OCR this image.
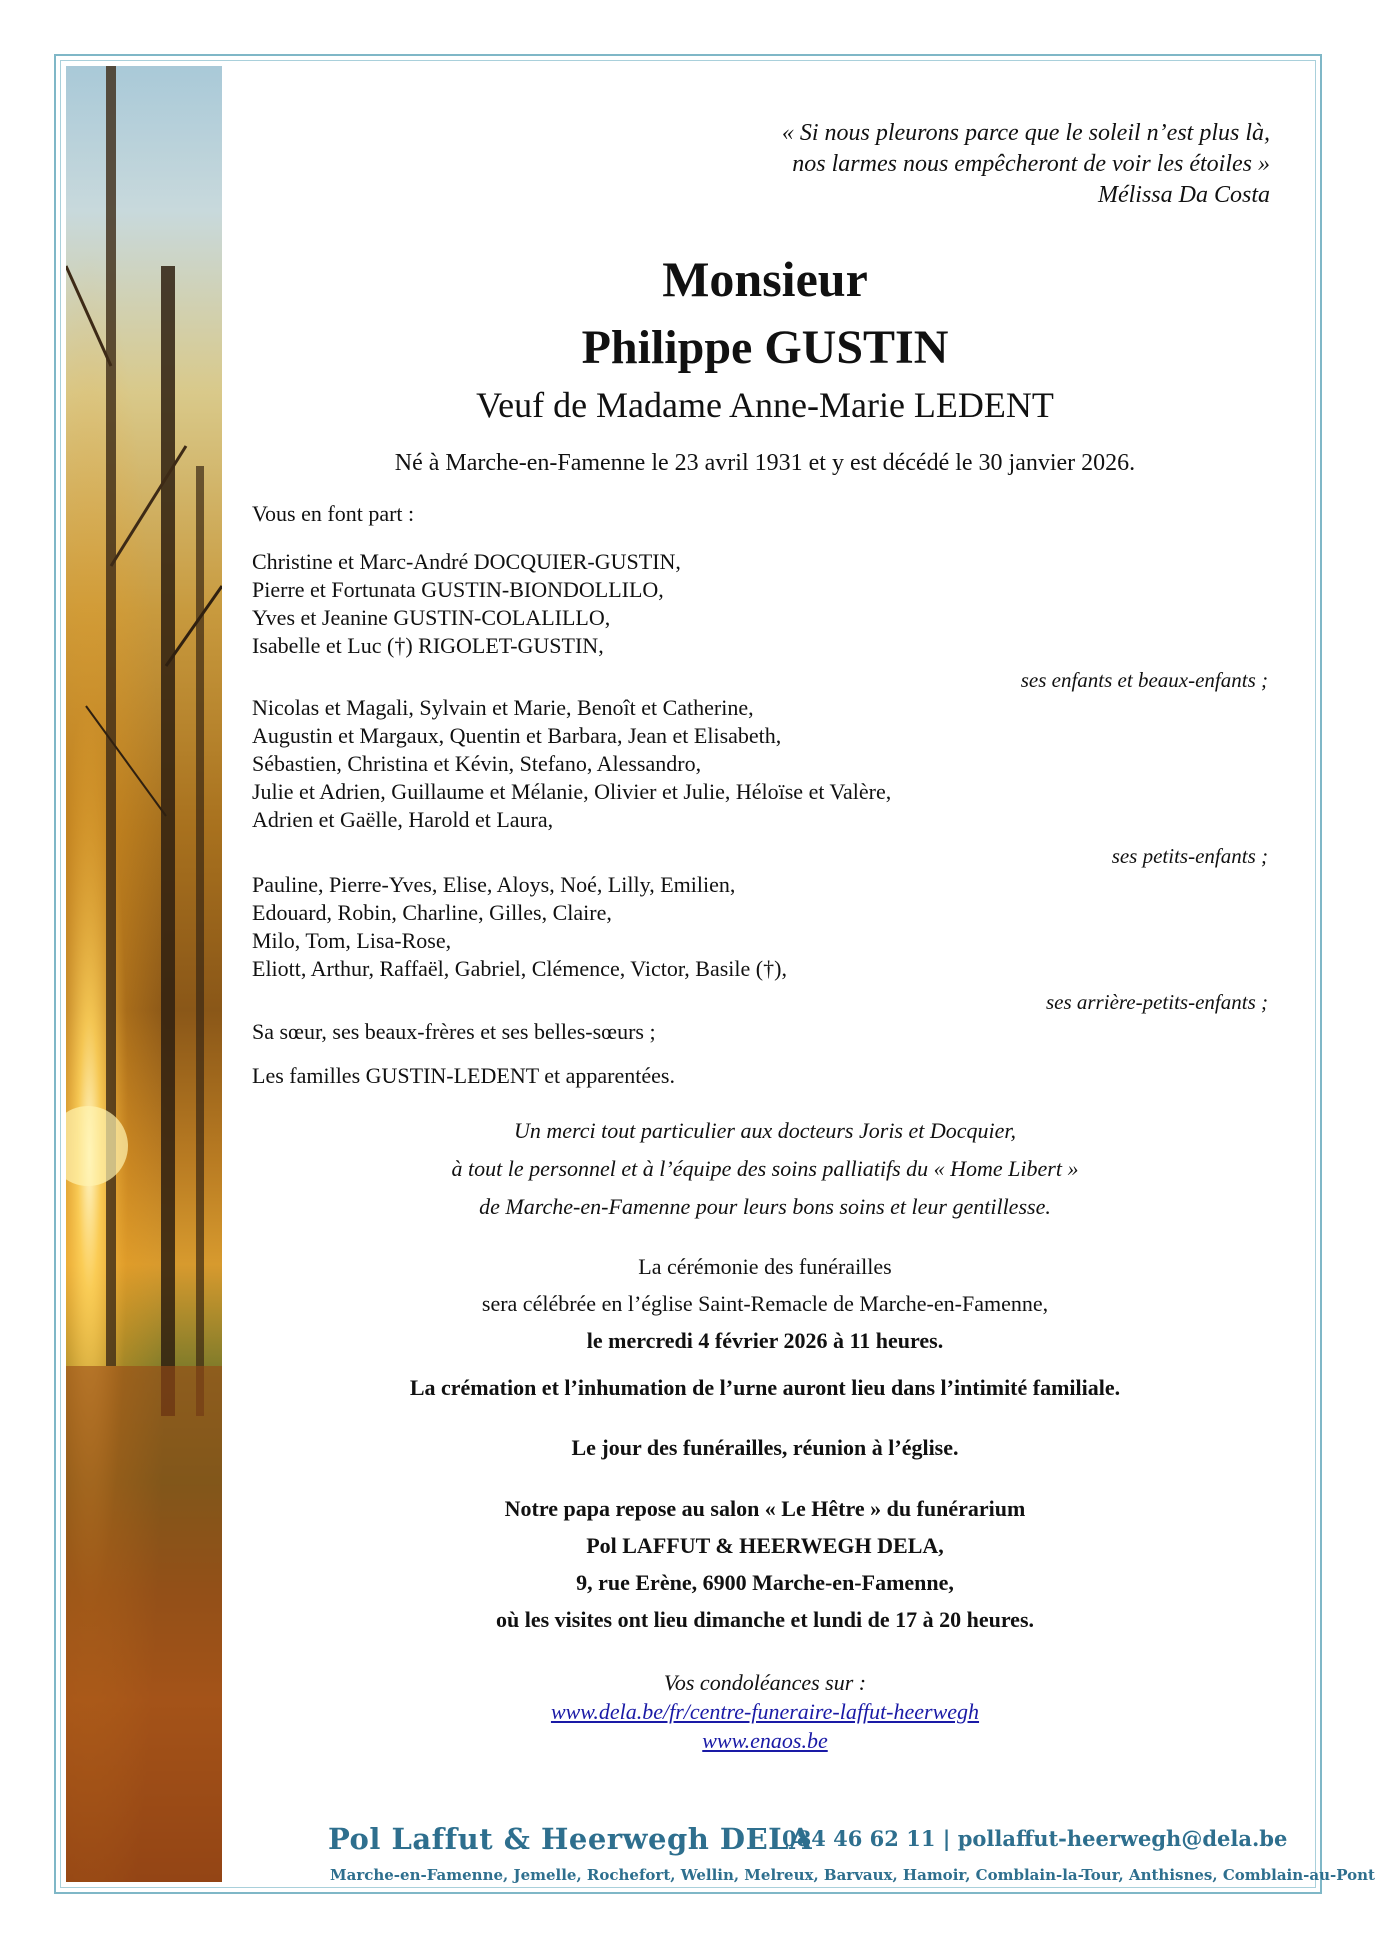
« Si nous pleurons parce que le soleil n’est plus là,
nos larmes nous empêcheront de voir les étoiles »
Mélissa Da Costa
Monsieur
Philippe GUSTIN
Veuf de Madame Anne-Marie LEDENT
Né à Marche-en-Famenne le 23 avril 1931 et y est décédé le 30 janvier 2026.
Vous en font part :
Christine et Marc-André DOCQUIER-GUSTIN,
Pierre et Fortunata GUSTIN-BIONDOLLILO,
Yves et Jeanine GUSTIN-COLALILLO,
Isabelle et Luc (†) RIGOLET-GUSTIN,
ses enfants et beaux-enfants ;
Nicolas et Magali, Sylvain et Marie, Benoît et Catherine,
Augustin et Margaux, Quentin et Barbara, Jean et Elisabeth,
Sébastien, Christina et Kévin, Stefano, Alessandro,
Julie et Adrien, Guillaume et Mélanie, Olivier et Julie, Héloïse et Valère,
Adrien et Gaëlle, Harold et Laura,
ses petits-enfants ;
Pauline, Pierre-Yves, Elise, Aloys, Noé, Lilly, Emilien,
Edouard, Robin, Charline, Gilles, Claire,
Milo, Tom, Lisa-Rose,
Eliott, Arthur, Raffaël, Gabriel, Clémence, Victor, Basile (†),
ses arrière-petits-enfants ;
Sa sœur, ses beaux-frères et ses belles-sœurs ;
Les familles GUSTIN-LEDENT et apparentées.
Un merci tout particulier aux docteurs Joris et Docquier,
à tout le personnel et à l’équipe des soins palliatifs du « Home Libert »
de Marche-en-Famenne pour leurs bons soins et leur gentillesse.
La cérémonie des funérailles
sera célébrée en l’église Saint-Remacle de Marche-en-Famenne,
le mercredi 4 février 2026 à 11 heures.
La crémation et l’inhumation de l’urne auront lieu dans l’intimité familiale.
Le jour des funérailles, réunion à l’église.
Notre papa repose au salon « Le Hêtre » du funérarium
Pol LAFFUT & HEERWEGH DELA,
9, rue Erène, 6900 Marche-en-Famenne,
où les visites ont lieu dimanche et lundi de 17 à 20 heures.
Vos condoléances sur :
www.dela.be/fr/centre-funeraire-laffut-heerwegh
www.enaos.be
Pol Laffut & Heerwegh DELA
084 46 62 11 | pollaffut-heerwegh@dela.be
Marche-en-Famenne, Jemelle, Rochefort, Wellin, Melreux, Barvaux, Hamoir, Comblain-la-Tour, Anthisnes, Comblain-au-Pont
